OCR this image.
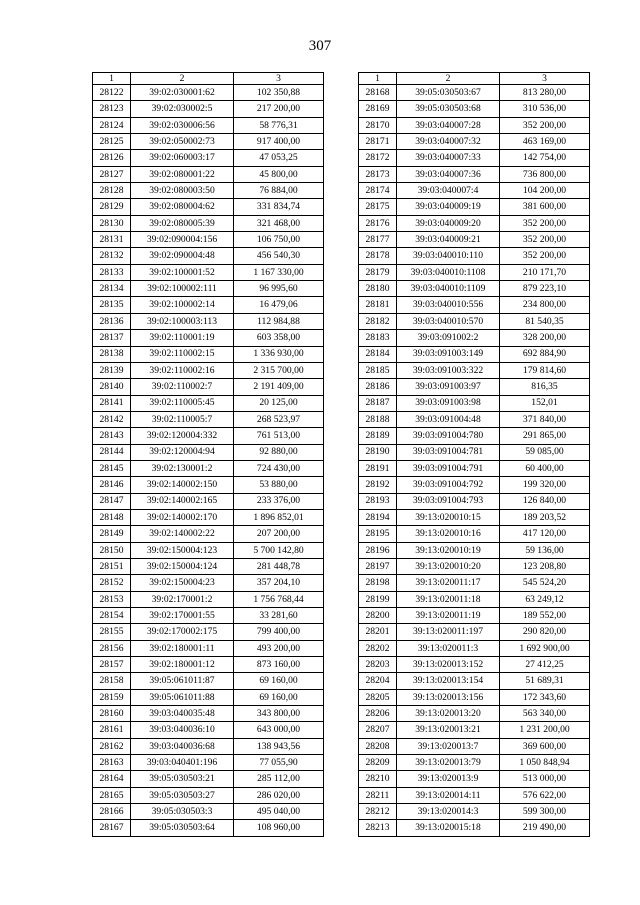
307
1	2	3
28122	39:02:030001:62	102 350,88
28123	39:02:030002:5	217 200,00
28124	39:02:030006:56	58 776,31
28125	39:02:050002:73	917 400,00
28126	39:02:060003:17	47 053,25
28127	39:02:080001:22	45 800,00
28128	39:02:080003:50	76 884,00
28129	39:02:080004:62	331 834,74
28130	39:02:080005:39	321 468,00
28131	39:02:090004:156	106 750,00
28132	39:02:090004:48	456 540,30
28133	39:02:100001:52	1 167 330,00
28134	39:02:100002:111	96 995,60
28135	39:02:100002:14	16 479,06
28136	39:02:100003:113	112 984,88
28137	39:02:110001:19	603 358,00
28138	39:02:110002:15	1 336 930,00
28139	39:02:110002:16	2 315 700,00
28140	39:02:110002:7	2 191 409,00
28141	39:02:110005:45	20 125,00
28142	39:02:110005:7	268 523,97
28143	39:02:120004:332	761 513,00
28144	39:02:120004:94	92 880,00
28145	39:02:130001:2	724 430,00
28146	39:02:140002:150	53 880,00
28147	39:02:140002:165	233 376,00
28148	39:02:140002:170	1 896 852,01
28149	39:02:140002:22	207 200,00
28150	39:02:150004:123	5 700 142,80
28151	39:02:150004:124	281 448,78
28152	39:02:150004:23	357 204,10
28153	39:02:170001:2	1 756 768,44
28154	39:02:170001:55	33 281,60
28155	39:02:170002:175	799 400,00
28156	39:02:180001:11	493 200,00
28157	39:02:180001:12	873 160,00
28158	39:05:061011:87	69 160,00
28159	39:05:061011:88	69 160,00
28160	39:03:040035:48	343 800,00
28161	39:03:040036:10	643 000,00
28162	39:03:040036:68	138 943,56
28163	39:03:040401:196	77 055,90
28164	39:05:030503:21	285 112,00
28165	39:05:030503:27	286 020,00
28166	39:05:030503:3	495 040,00
28167	39:05:030503:64	108 960,00
1	2	3
28168	39:05:030503:67	813 280,00
28169	39:05:030503:68	310 536,00
28170	39:03:040007:28	352 200,00
28171	39:03:040007:32	463 169,00
28172	39:03:040007:33	142 754,00
28173	39:03:040007:36	736 800,00
28174	39:03:040007:4	104 200,00
28175	39:03:040009:19	381 600,00
28176	39:03:040009:20	352 200,00
28177	39:03:040009:21	352 200,00
28178	39:03:040010:110	352 200,00
28179	39:03:040010:1108	210 171,70
28180	39:03:040010:1109	879 223,10
28181	39:03:040010:556	234 800,00
28182	39:03:040010:570	81 540,35
28183	39:03:091002:2	328 200,00
28184	39:03:091003:149	692 884,90
28185	39:03:091003:322	179 814,60
28186	39:03:091003:97	816,35
28187	39:03:091003:98	152,01
28188	39:03:091004:48	371 840,00
28189	39:03:091004:780	291 865,00
28190	39:03:091004:781	59 085,00
28191	39:03:091004:791	60 400,00
28192	39:03:091004:792	199 320,00
28193	39:03:091004:793	126 840,00
28194	39:13:020010:15	189 203,52
28195	39:13:020010:16	417 120,00
28196	39:13:020010:19	59 136,00
28197	39:13:020010:20	123 208,80
28198	39:13:020011:17	545 524,20
28199	39:13:020011:18	63 249,12
28200	39:13:020011:19	189 552,00
28201	39:13:020011:197	290 820,00
28202	39:13:020011:3	1 692 900,00
28203	39:13:020013:152	27 412,25
28204	39:13:020013:154	51 689,31
28205	39:13:020013:156	172 343,60
28206	39:13:020013:20	563 340,00
28207	39:13:020013:21	1 231 200,00
28208	39:13:020013:7	369 600,00
28209	39:13:020013:79	1 050 848,94
28210	39:13:020013:9	513 000,00
28211	39:13:020014:11	576 622,00
28212	39:13:020014:3	599 300,00
28213	39:13:020015:18	219 490,00
